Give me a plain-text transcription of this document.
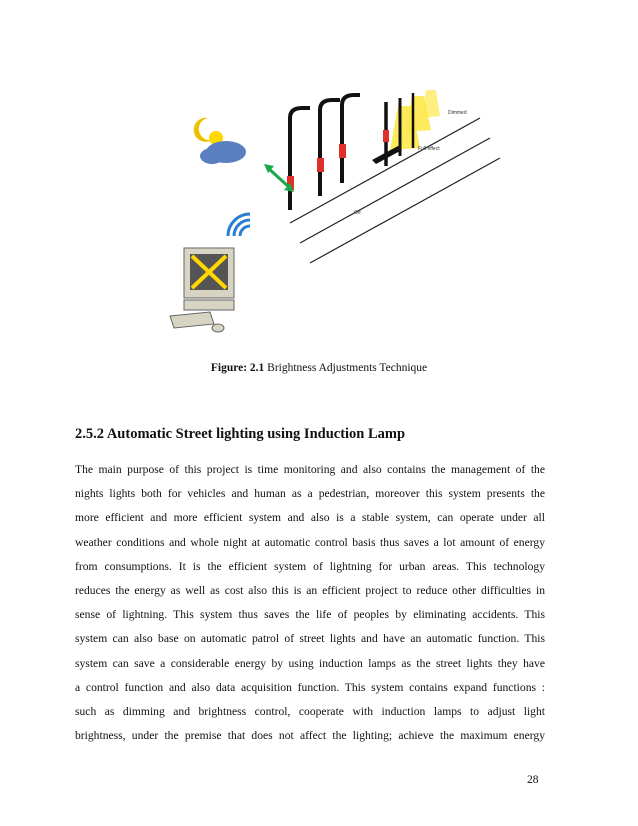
Dimmed
Full effect
Off
Figure: 2.1 Brightness Adjustments Technique
2.5.2 Automatic Street lighting using Induction Lamp
The main purpose of this project is time monitoring and also contains the management of the
nights lights both for vehicles and human as a pedestrian, moreover this system presents the
more efficient and more efficient system and also is a stable system, can operate under all
weather conditions and whole night at automatic control basis thus saves a lot amount of energy
from consumptions. It is the efficient system of lightning for urban areas. This technology
reduces the energy as well as cost also this is an efficient project to reduce other difficulties in
sense of lightning. This system thus saves the life of peoples by eliminating accidents. This
system can also base on automatic patrol of street lights and have an automatic function. This
system can save a considerable energy by using induction lamps as the street lights they have
a control function and also data acquisition function. This system contains expand functions :
such as dimming and brightness control, cooperate with induction lamps to adjust light
brightness, under the premise that does not affect the lighting; achieve the maximum energy
28
